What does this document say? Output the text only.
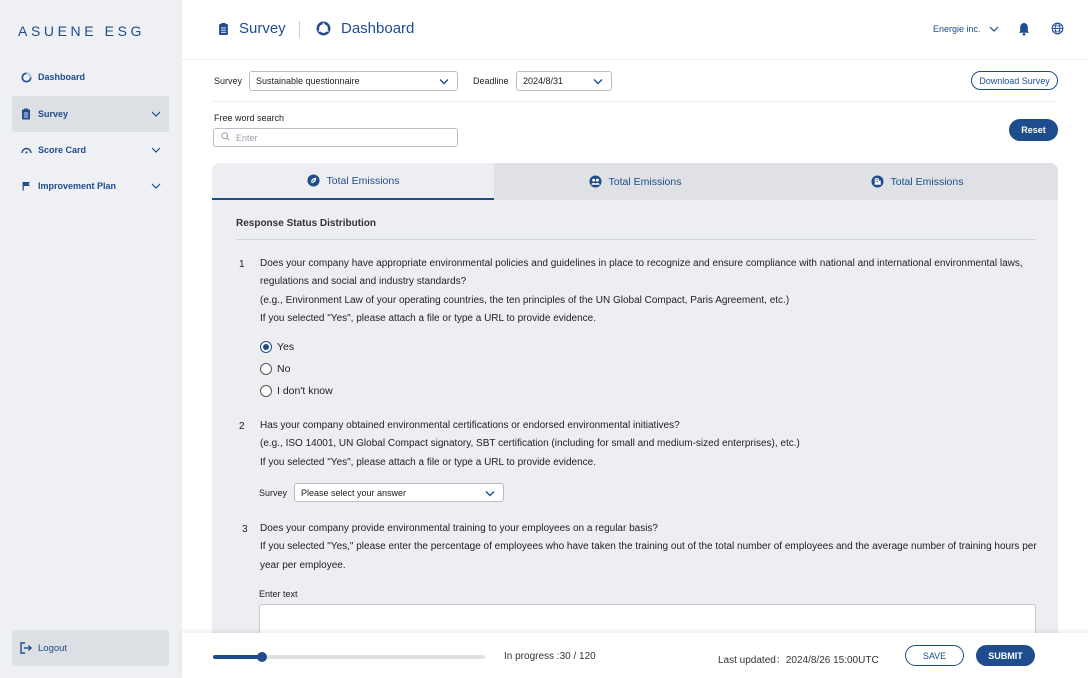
ASUENE ESG
Dashboard
Survey
Score Card
Improvement Plan
Logout
Survey	Dashboard	Energie inc.
Survey Sustainable questionnaire	Deadline 2024/8/31	Download Survey
Free word search
Enter
Reset
Total Emissions	Total Emissions	Total Emissions
Response Status Distribution
1 Does your company have appropriate environmental policies and guidelines in place to recognize and ensure compliance with national and international environmental laws, regulations and social and industry standards?
(e.g., Environment Law of your operating countries, the ten principles of the UN Global Compact, Paris Agreement, etc.)
If you selected "Yes", please attach a file or type a URL to provide evidence.
Yes
No
I don't know
2 Has your company obtained environmental certifications or endorsed environmental initiatives?
(e.g., ISO 14001, UN Global Compact signatory, SBT certification (including for small and medium-sized enterprises), etc.)
If you selected "Yes", please attach a file or type a URL to provide evidence.
Survey Please select your answer
3 Does your company provide environmental training to your employees on a regular basis?
If you selected "Yes," please enter the percentage of employees who have taken the training out of the total number of employees and the average number of training hours per year per employee.
Enter text
In progress :30 / 120	Last updated：2024/8/26 15:00UTC	SAVE	SUBMIT
